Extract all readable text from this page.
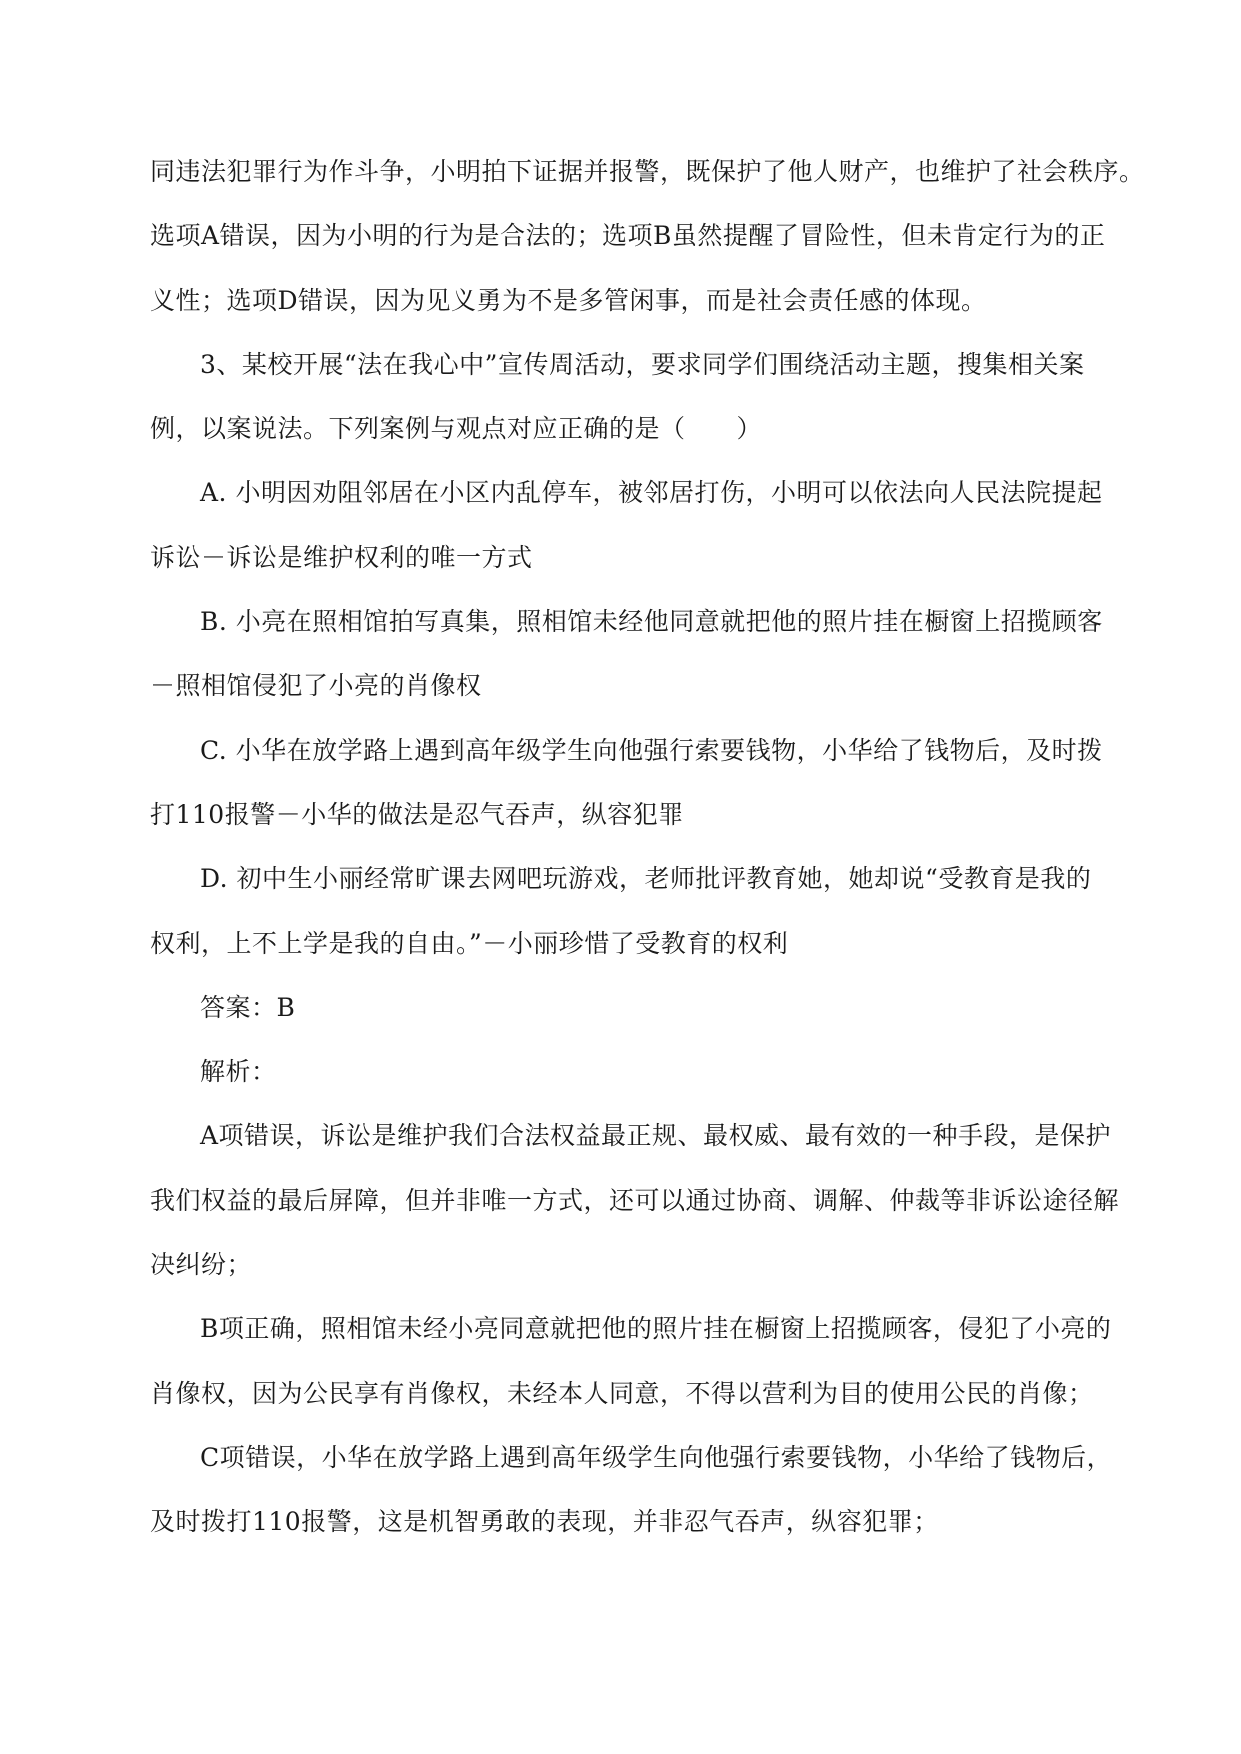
同违法犯罪行为作斗争，小明拍下证据并报警，既保护了他人财产，也维护了社会秩序。
选项A错误，因为小明的行为是合法的；选项B虽然提醒了冒险性，但未肯定行为的正
义性；选项D错误，因为见义勇为不是多管闲事，而是社会责任感的体现。
3、某校开展“法在我心中”宣传周活动，要求同学们围绕活动主题，搜集相关案
例，以案说法。下列案例与观点对应正确的是（　　）
A. 小明因劝阻邻居在小区内乱停车，被邻居打伤，小明可以依法向人民法院提起
诉讼－诉讼是维护权利的唯一方式
B. 小亮在照相馆拍写真集，照相馆未经他同意就把他的照片挂在橱窗上招揽顾客
－照相馆侵犯了小亮的肖像权
C. 小华在放学路上遇到高年级学生向他强行索要钱物，小华给了钱物后，及时拨
打110报警－小华的做法是忍气吞声，纵容犯罪
D. 初中生小丽经常旷课去网吧玩游戏，老师批评教育她，她却说“受教育是我的
权利，上不上学是我的自由。”－小丽珍惜了受教育的权利
答案：B
解析：
A项错误，诉讼是维护我们合法权益最正规、最权威、最有效的一种手段，是保护
我们权益的最后屏障，但并非唯一方式，还可以通过协商、调解、仲裁等非诉讼途径解
决纠纷；
B项正确，照相馆未经小亮同意就把他的照片挂在橱窗上招揽顾客，侵犯了小亮的
肖像权，因为公民享有肖像权，未经本人同意，不得以营利为目的使用公民的肖像；
C项错误，小华在放学路上遇到高年级学生向他强行索要钱物，小华给了钱物后，
及时拨打110报警，这是机智勇敢的表现，并非忍气吞声，纵容犯罪；
